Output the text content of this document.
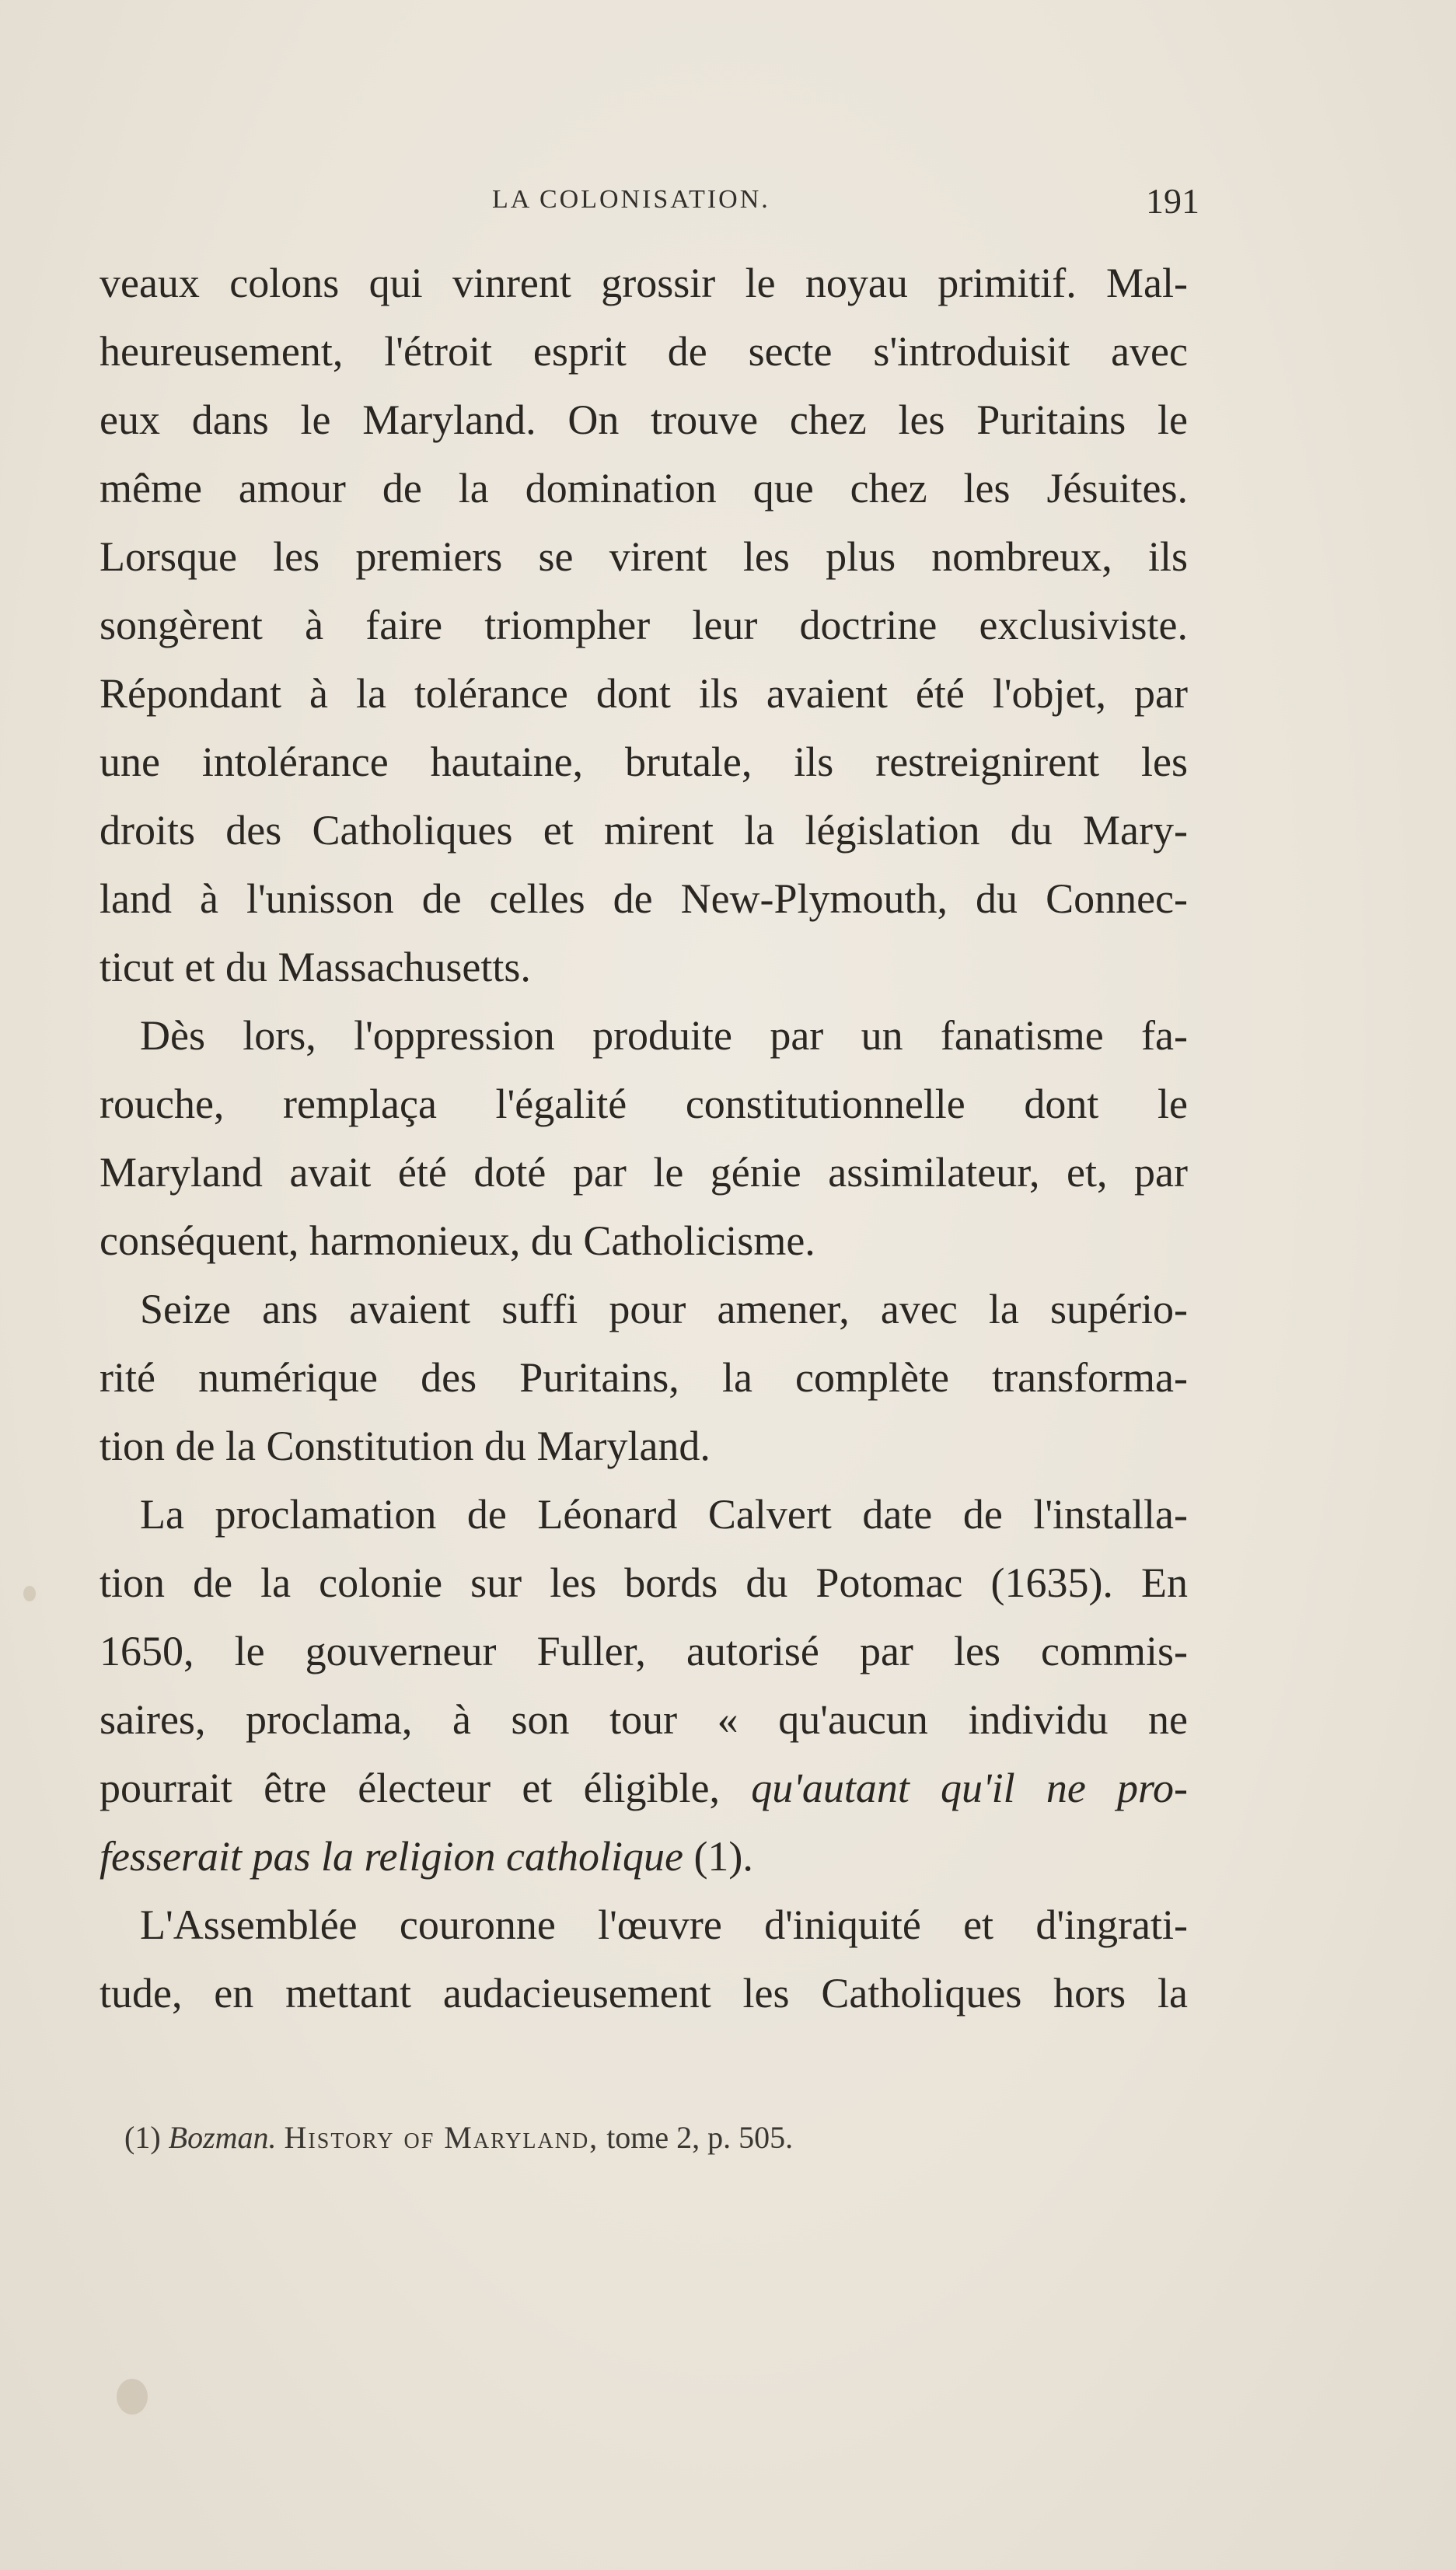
LA COLONISATION.	191
veaux colons qui vinrent grossir le noyau primitif. Mal-
heureusement, l'étroit esprit de secte s'introduisit avec
eux dans le Maryland. On trouve chez les Puritains le
même amour de la domination que chez les Jésuites.
Lorsque les premiers se virent les plus nombreux, ils
songèrent à faire triompher leur doctrine exclusiviste.
Répondant à la tolérance dont ils avaient été l'objet, par
une intolérance hautaine, brutale, ils restreignirent les
droits des Catholiques et mirent la législation du Mary-
land à l'unisson de celles de New-Plymouth, du Connec-
ticut et du Massachusetts.
Dès lors, l'oppression produite par un fanatisme fa-
rouche, remplaça l'égalité constitutionnelle dont le
Maryland avait été doté par le génie assimilateur, et, par
conséquent, harmonieux, du Catholicisme.
Seize ans avaient suffi pour amener, avec la supério-
rité numérique des Puritains, la complète transforma-
tion de la Constitution du Maryland.
La proclamation de Léonard Calvert date de l'installa-
tion de la colonie sur les bords du Potomac (1635). En
1650, le gouverneur Fuller, autorisé par les commis-
saires, proclama, à son tour « qu'aucun individu ne
pourrait être électeur et éligible, qu'autant qu'il ne pro-
fesserait pas la religion catholique (1).
L'Assemblée couronne l'œuvre d'iniquité et d'ingrati-
tude, en mettant audacieusement les Catholiques hors la
(1) Bozman. History of Maryland, tome 2, p. 505.
